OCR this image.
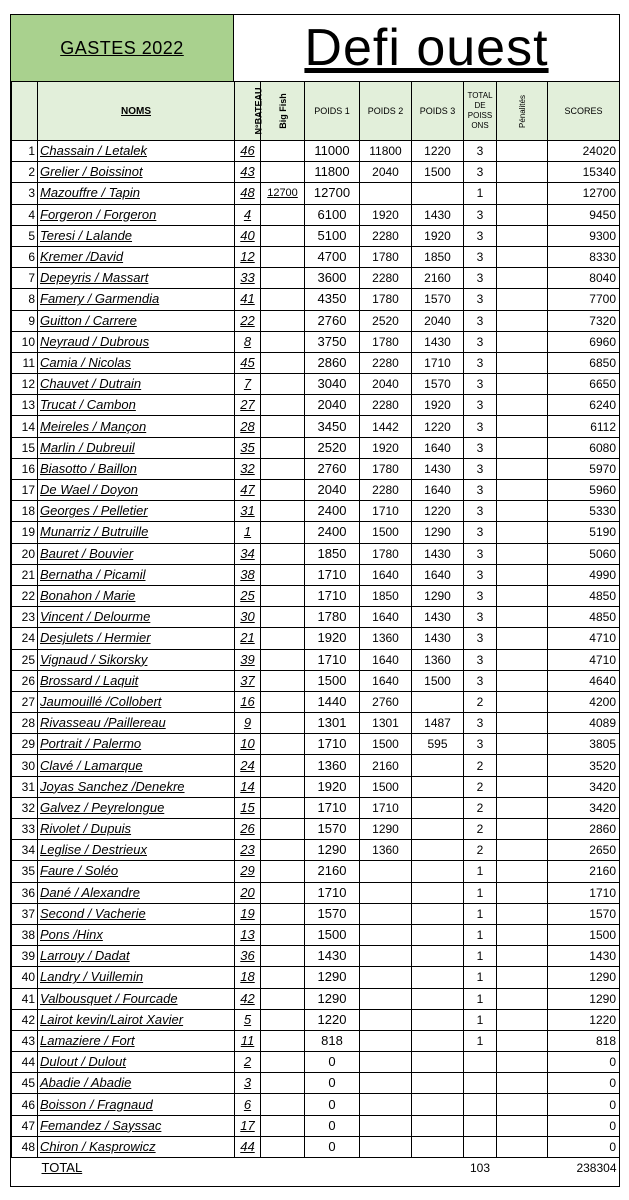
GASTES 2022 Defi ouest
	NOMS	N°BATEAU	Big Fish	POIDS 1	POIDS 2	POIDS 3	TOTAL DE POISS ONS	Pénalités	SCORES
1	Chassain / Letalek	46		11000	11800	1220	3		24020
2	Grelier / Boissinot	43		11800	2040	1500	3		15340
3	Mazouffre / Tapin	48	12700	12700			1		12700
4	Forgeron / Forgeron	4		6100	1920	1430	3		9450
5	Teresi / Lalande	40		5100	2280	1920	3		9300
6	Kremer /David	12		4700	1780	1850	3		8330
7	Depeyris / Massart	33		3600	2280	2160	3		8040
8	Famery / Garmendia	41		4350	1780	1570	3		7700
9	Guitton / Carrere	22		2760	2520	2040	3		7320
10	Neyraud / Dubrous	8		3750	1780	1430	3		6960
11	Camia / Nicolas	45		2860	2280	1710	3		6850
12	Chauvet / Dutrain	7		3040	2040	1570	3		6650
13	Trucat / Cambon	27		2040	2280	1920	3		6240
14	Meireles / Mançon	28		3450	1442	1220	3		6112
15	Marlin / Dubreuil	35		2520	1920	1640	3		6080
16	Biasotto / Baillon	32		2760	1780	1430	3		5970
17	De Wael / Doyon	47		2040	2280	1640	3		5960
18	Georges / Pelletier	31		2400	1710	1220	3		5330
19	Munarriz / Butruille	1		2400	1500	1290	3		5190
20	Bauret / Bouvier	34		1850	1780	1430	3		5060
21	Bernatha / Picamil	38		1710	1640	1640	3		4990
22	Bonahon / Marie	25		1710	1850	1290	3		4850
23	Vincent / Delourme	30		1780	1640	1430	3		4850
24	Desjulets / Hermier	21		1920	1360	1430	3		4710
25	Vignaud / Sikorsky	39		1710	1640	1360	3		4710
26	Brossard / Laquit	37		1500	1640	1500	3		4640
27	Jaumouillé /Collobert	16		1440	2760		2		4200
28	Rivasseau /Paillereau	9		1301	1301	1487	3		4089
29	Portrait / Palermo	10		1710	1500	595	3		3805
30	Clavé / Lamarque	24		1360	2160		2		3520
31	Joyas Sanchez /Denekre	14		1920	1500		2		3420
32	Galvez / Peyrelongue	15		1710	1710		2		3420
33	Rivolet / Dupuis	26		1570	1290		2		2860
34	Leglise / Destrieux	23		1290	1360		2		2650
35	Faure / Soléo	29		2160			1		2160
36	Dané / Alexandre	20		1710			1		1710
37	Second / Vacherie	19		1570			1		1570
38	Pons /Hinx	13		1500			1		1500
39	Larrouy / Dadat	36		1430			1		1430
40	Landry / Vuillemin	18		1290			1		1290
41	Valbousquet / Fourcade	42		1290			1		1290
42	Lairot kevin/Lairot Xavier	5		1220			1		1220
43	Lamaziere / Fort	11		818			1		818
44	Dulout / Dulout	2		0					0
45	Abadie / Abadie	3		0					0
46	Boisson / Fragnaud	6		0					0
47	Femandez / Sayssac	17		0					0
48	Chiron / Kasprowicz	44		0					0
	TOTAL						103		238304
